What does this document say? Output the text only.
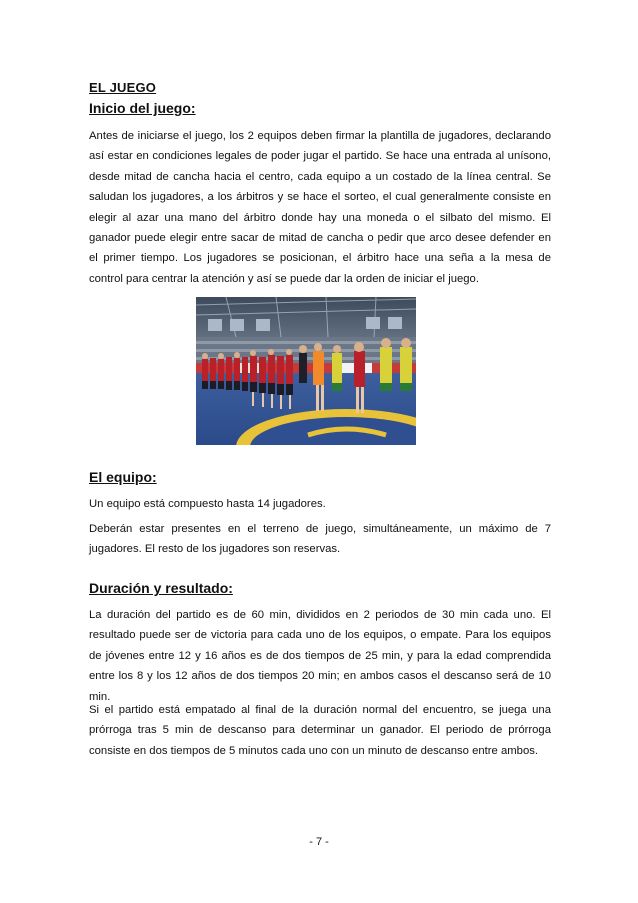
EL JUEGO
Inicio del juego:

Antes de iniciarse el juego, los 2 equipos deben firmar la plantilla de jugadores, declarando así estar en condiciones legales de poder jugar el partido. Se hace una entrada al unísono, desde mitad de cancha hacia el centro, cada equipo a un costado de la línea central. Se saludan los jugadores, a los árbitros y se hace el sorteo, el cual generalmente consiste en elegir al azar una mano del árbitro donde hay una moneda o el silbato del mismo. El ganador puede elegir entre sacar de mitad de cancha o pedir que arco desee defender en el primer tiempo. Los jugadores se posicionan, el árbitro hace una seña a la mesa de control para centrar la atención y así se puede dar la orden de iniciar el juego.

El equipo:

Un equipo está compuesto hasta 14 jugadores.

Deberán estar presentes en el terreno de juego, simultáneamente, un máximo de 7 jugadores. El resto de los jugadores son reservas.

Duración y resultado:

La duración del partido es de 60 min, divididos en 2 periodos de 30 min cada uno. El resultado puede ser de victoria para cada uno de los equipos, o empate. Para los equipos de jóvenes entre 12 y 16 años es de dos tiempos de 25 min, y para la edad comprendida entre los 8 y los 12 años de dos tiempos 20 min; en ambos casos el descanso será de 10 min.

Si el partido está empatado al final de la duración normal del encuentro, se juega una prórroga tras 5 min de descanso para determinar un ganador. El periodo de prórroga consiste en dos tiempos de 5 minutos cada uno con un minuto de descanso entre ambos.

- 7 -
